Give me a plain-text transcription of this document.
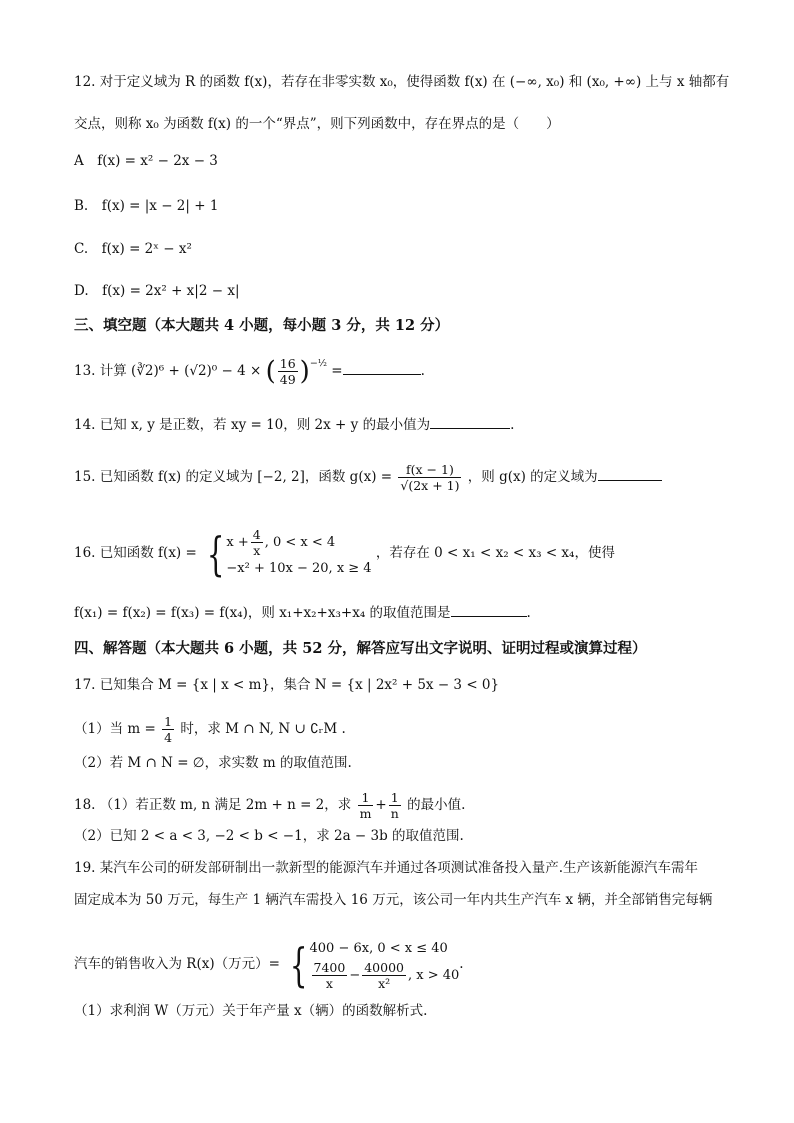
12. 对于定义域为 R 的函数 f(x)，若存在非零实数 x₀，使得函数 f(x) 在 (−∞, x₀) 和 (x₀, +∞) 上与 x 轴都有
交点，则称 x₀ 为函数 f(x) 的一个“界点”，则下列函数中，存在界点的是（　　）
A　f(x) = x² − 2x − 3
B.　f(x) = |x − 2| + 1
C.　f(x) = 2ˣ − x²
D.　f(x) = 2x² + x|2 − x|
三、填空题（本大题共 4 小题，每小题 3 分，共 12 分）
13. 计算 (∛2)⁶ + (√2)⁰ − 4 × ( $\frac{16}{49} )^{-\frac{1}{2}}$ =	.
14. 已知 x, y 是正数，若 xy = 10，则 2x + y 的最小值为	.
15. 已知函数 f(x) 的定义域为 [−2, 2]，函数 $g(x) = \frac{f(x - 1)}{√(2x + 1)}$ ，则 g(x) 的定义域为
16. 已知函数 f(x) = { $x + \frac{4}{x}$ , 0 < x < 4
−x² + 10x − 20, x ≥ 4
，若存在 0 < x₁ < x₂ < x₃ < x₄，使得
f(x₁) = f(x₂) = f(x₃) = f(x₄)，则 x₁+x₂+x₃+x₄ 的取值范围是	.
四、解答题（本大题共 6 小题，共 52 分，解答应写出文字说明、证明过程或演算过程）
17. 已知集合 M = {x | x < m}，集合 N = {x | 2x² + 5x − 3 < 0}
（1）当 $m = \frac{1}{4}$ 时，求 M ∩ N, N ∪ ∁ᵣM .
（2）若 M ∩ N = ∅，求实数 m 的取值范围.
18. （1）若正数 m, n 满足 2m + n = 2，求 $\frac{1}{m} + \frac{1}{n}$ 的最小值.
（2）已知 2 < a < 3, −2 < b < −1，求 2a − 3b 的取值范围.
19. 某汽车公司的研发部研制出一款新型的能源汽车并通过各项测试准备投入量产.生产该新能源汽车需年
固定成本为 50 万元，每生产 1 辆汽车需投入 16 万元，该公司一年内共生产汽车 x 辆，并全部销售完每辆
汽车的销售收入为 R(x)（万元）= { 400 − 6x, 0 < x ≤ 40
$\frac{7400}{x} - \frac{40000}{\text{x²}}$ , x > 40
.
（1）求利润 W（万元）关于年产量 x（辆）的函数解析式.
